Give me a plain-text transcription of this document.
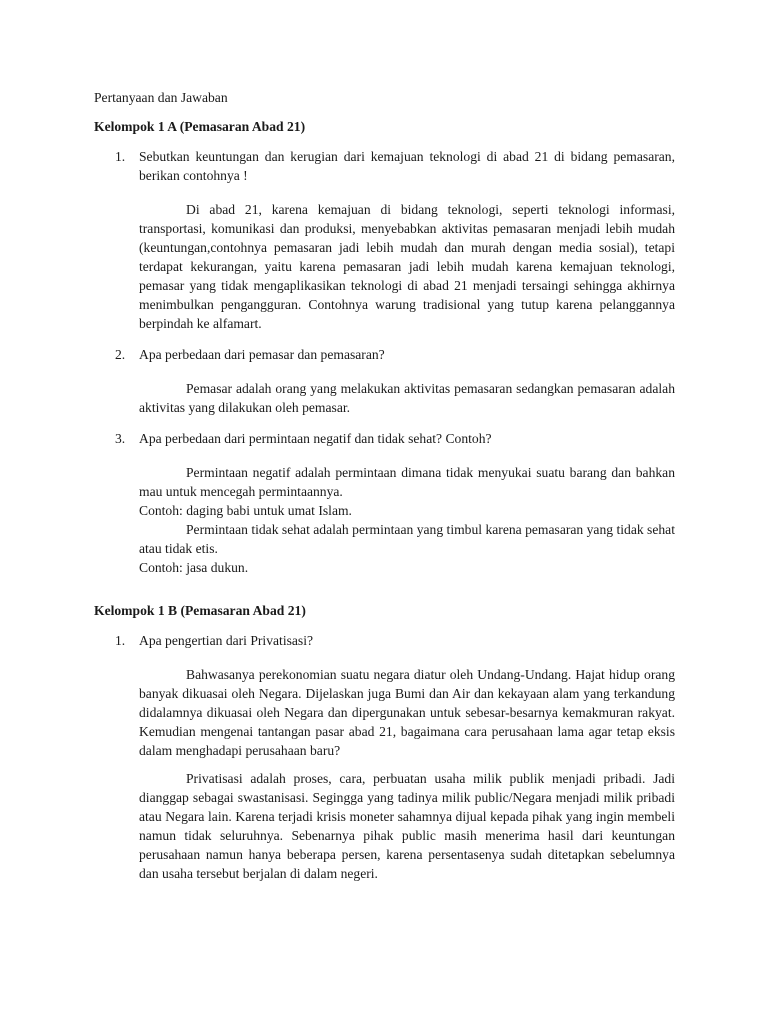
Pertanyaan dan Jawaban

Kelompok 1 A (Pemasaran Abad 21)

1. Sebutkan keuntungan dan kerugian dari kemajuan teknologi di abad 21 di bidang pemasaran, berikan contohnya !

Di abad 21, karena kemajuan di bidang teknologi, seperti teknologi informasi, transportasi, komunikasi dan produksi, menyebabkan aktivitas pemasaran menjadi lebih mudah (keuntungan,contohnya pemasaran jadi lebih mudah dan murah dengan media sosial), tetapi terdapat kekurangan, yaitu karena pemasaran jadi lebih mudah karena kemajuan teknologi, pemasar yang tidak mengaplikasikan teknologi di abad 21 menjadi tersaingi sehingga akhirnya menimbulkan pengangguran. Contohnya warung tradisional yang tutup karena pelanggannya berpindah ke alfamart.

2. Apa perbedaan dari pemasar dan pemasaran?

Pemasar adalah orang yang melakukan aktivitas pemasaran sedangkan pemasaran adalah aktivitas yang dilakukan oleh pemasar.

3. Apa perbedaan dari permintaan negatif dan tidak sehat? Contoh?

Permintaan negatif adalah permintaan dimana tidak menyukai suatu barang dan bahkan mau untuk mencegah permintaannya.

Contoh: daging babi untuk umat Islam.

Permintaan tidak sehat adalah permintaan yang timbul karena pemasaran yang tidak sehat atau tidak etis.

Contoh: jasa dukun.

Kelompok 1 B (Pemasaran Abad 21)

1. Apa pengertian dari Privatisasi?

Bahwasanya perekonomian suatu negara diatur oleh Undang-Undang. Hajat hidup orang banyak dikuasai oleh Negara. Dijelaskan juga Bumi dan Air dan kekayaan alam yang terkandung didalamnya dikuasai oleh Negara dan dipergunakan untuk sebesar-besarnya kemakmuran rakyat. Kemudian mengenai tantangan pasar abad 21, bagaimana cara perusahaan lama agar tetap eksis dalam menghadapi perusahaan baru?

Privatisasi adalah proses, cara, perbuatan usaha milik publik menjadi pribadi. Jadi dianggap sebagai swastanisasi. Segingga yang tadinya milik public/Negara menjadi milik pribadi atau Negara lain. Karena terjadi krisis moneter sahamnya dijual kepada pihak yang ingin membeli namun tidak seluruhnya. Sebenarnya pihak public masih menerima hasil dari keuntungan perusahaan namun hanya beberapa persen, karena persentasenya sudah ditetapkan sebelumnya dan usaha tersebut berjalan di dalam negeri.
